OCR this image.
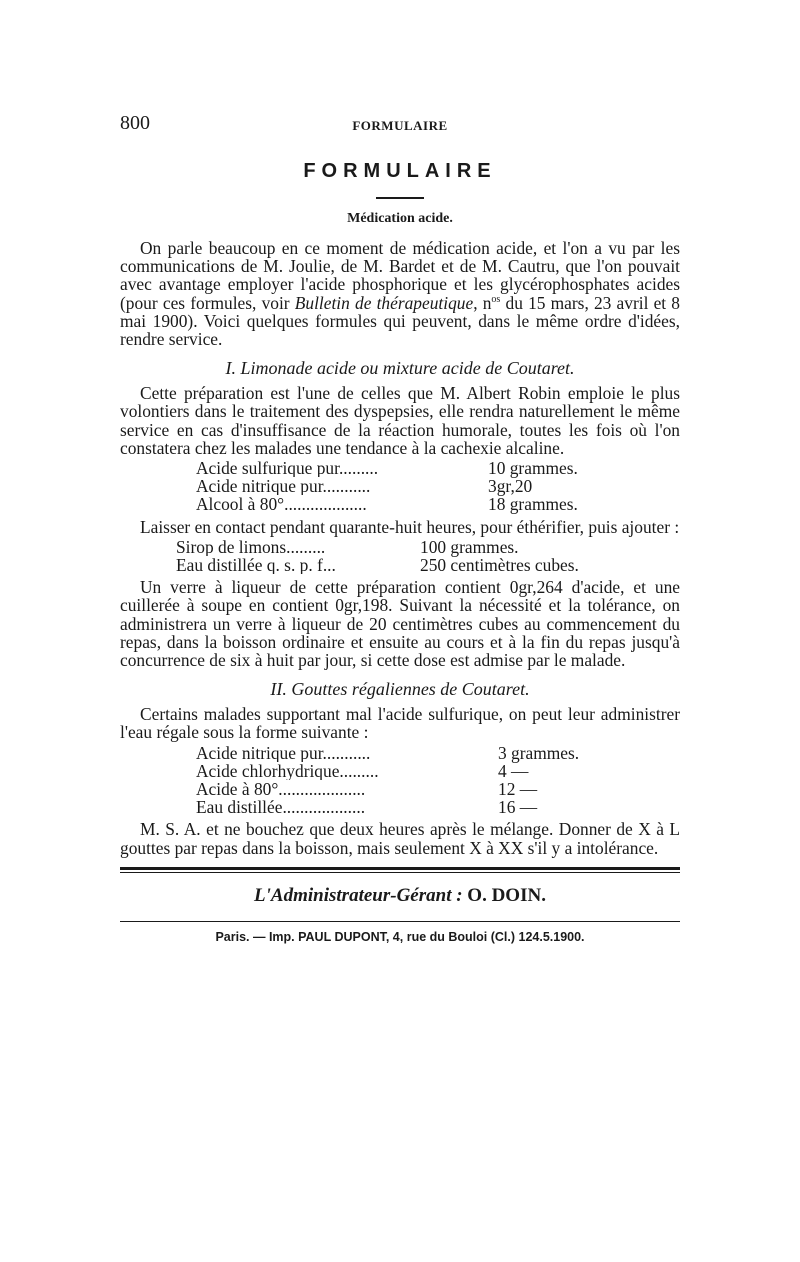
800	FORMULAIRE
FORMULAIRE
Médication acide.

On parle beaucoup en ce moment de médication acide, et l'on a vu par les communications de M. Joulie, de M. Bardet et de M. Cautru, que l'on pouvait avec avantage employer l'acide phosphorique et les glycérophosphates acides (pour ces formules, voir Bulletin de thérapeutique, $n^{os}$ du 15 mars, 23 avril et 8 mai 1900). Voici quelques formules qui peuvent, dans le même ordre d'idées, rendre service.

I. Limonade acide ou mixture acide de Coutaret.

Cette préparation est l'une de celles que M. Albert Robin emploie le plus volontiers dans le traitement des dyspepsies, elle rendra naturellement le même service en cas d'insuffisance de la réaction humorale, toutes les fois où l'on constatera chez les malades une tendance à la cachexie alcaline.

Acide sulfurique pur.........	10 grammes.
Acide nitrique pur...........	3gr,20
Alcool à 80°...................	18 grammes.

Laisser en contact pendant quarante-huit heures, pour éthérifier, puis ajouter :

Sirop de limons.........	100 grammes.
Eau distillée q. s. p. f...	250 centimètres cubes.

Un verre à liqueur de cette préparation contient 0gr,264 d'acide, et une cuillerée à soupe en contient 0gr,198. Suivant la nécessité et la tolérance, on administrera un verre à liqueur de 20 centimètres cubes au commencement du repas, dans la boisson ordinaire et ensuite au cours et à la fin du repas jusqu'à concurrence de six à huit par jour, si cette dose est admise par le malade.

II. Gouttes régaliennes de Coutaret.

Certains malades supportant mal l'acide sulfurique, on peut leur administrer l'eau régale sous la forme suivante :

Acide nitrique pur...........	3 grammes.
Acide chlorhydrique.........	4 —
Acide à 80°....................	12 —
Eau distillée...................	16 —

M. S. A. et ne bouchez que deux heures après le mélange. Donner de X à L gouttes par repas dans la boisson, mais seulement X à XX s'il y a intolérance.

L'Administrateur-Gérant : O. DOIN.
Paris. — Imp. PAUL DUPONT, 4, rue du Bouloi (Cl.) 124.5.1900.
